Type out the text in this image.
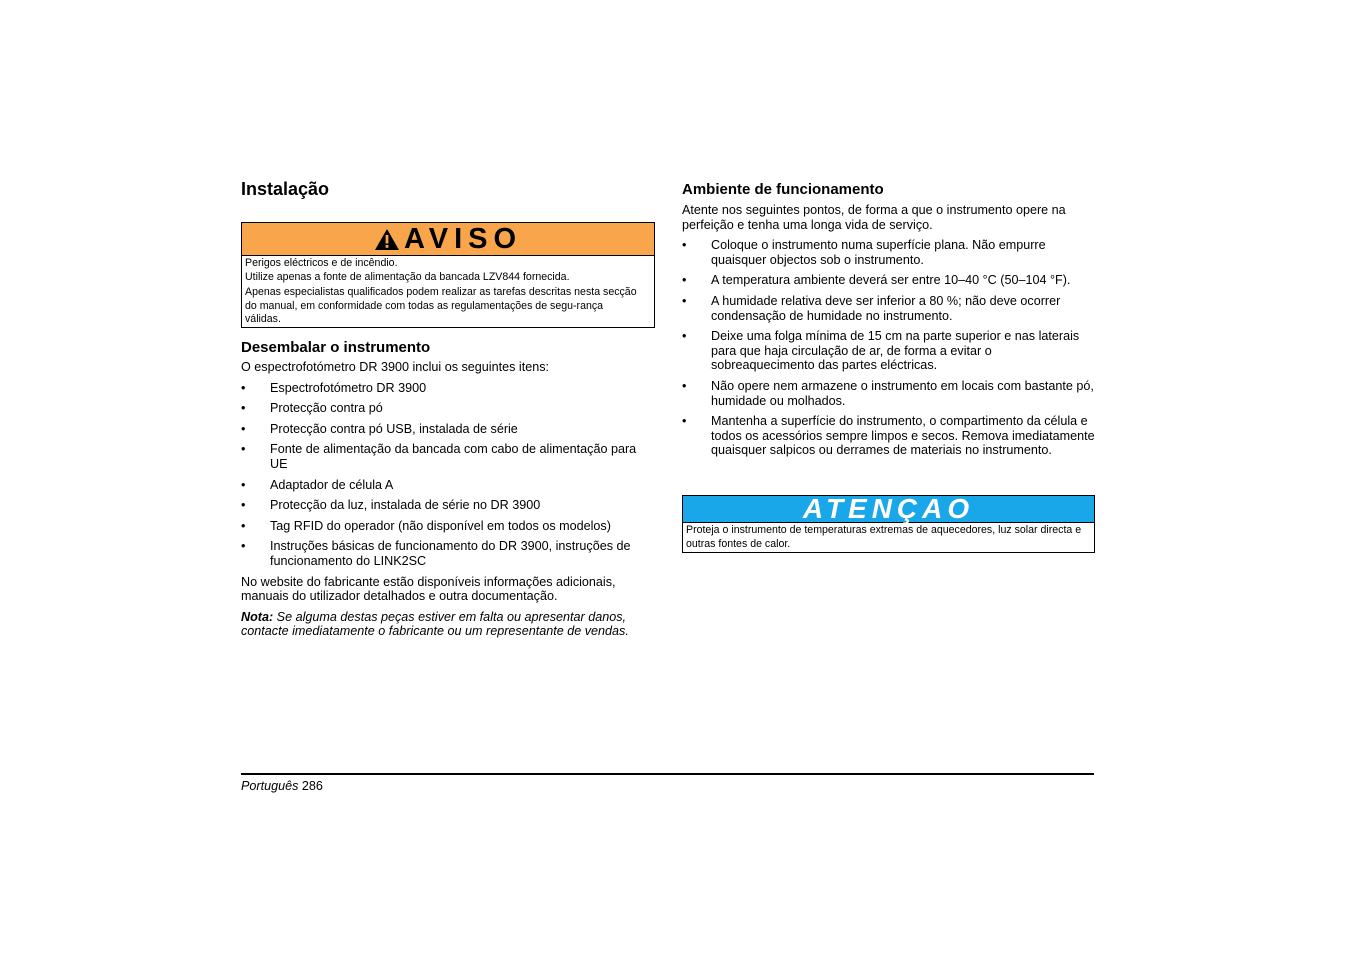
Instalação
AVISO
Perigos eléctricos e de incêndio.
Utilize apenas a fonte de alimentação da bancada LZV844 fornecida.
Apenas especialistas qualificados podem realizar as tarefas descritas nesta secção do manual, em conformidade com todas as regulamentações de segu-rança válidas.
Desembalar o instrumento

O espectrofotómetro DR 3900 inclui os seguintes itens:

• Espectrofotómetro DR 3900
• Protecção contra pó
• Protecção contra pó USB, instalada de série
• Fonte de alimentação da bancada com cabo de alimentação para UE
• Adaptador de célula A
• Protecção da luz, instalada de série no DR 3900
• Tag RFID do operador (não disponível em todos os modelos)
• Instruções básicas de funcionamento do DR 3900, instruções de funcionamento do LINK2SC

No website do fabricante estão disponíveis informações adicionais, manuais do utilizador detalhados e outra documentação.

Nota: Se alguma destas peças estiver em falta ou apresentar danos, contacte imediatamente o fabricante ou um representante de vendas.

Ambiente de funcionamento

Atente nos seguintes pontos, de forma a que o instrumento opere na perfeição e tenha uma longa vida de serviço.

• Coloque o instrumento numa superfície plana. Não empurre quaisquer objectos sob o instrumento.
• A temperatura ambiente deverá ser entre 10–40 °C (50–104 °F).
• A humidade relativa deve ser inferior a 80 %; não deve ocorrer condensação de humidade no instrumento.
• Deixe uma folga mínima de 15 cm na parte superior e nas laterais para que haja circulação de ar, de forma a evitar o sobreaquecimento das partes eléctricas.
• Não opere nem armazene o instrumento em locais com bastante pó, humidade ou molhados.
• Mantenha a superfície do instrumento, o compartimento da célula e todos os acessórios sempre limpos e secos. Remova imediatamente quaisquer salpicos ou derrames de materiais no instrumento.
ATENÇAO
Proteja o instrumento de temperaturas extremas de aquecedores, luz solar directa e outras fontes de calor.
Português 286
